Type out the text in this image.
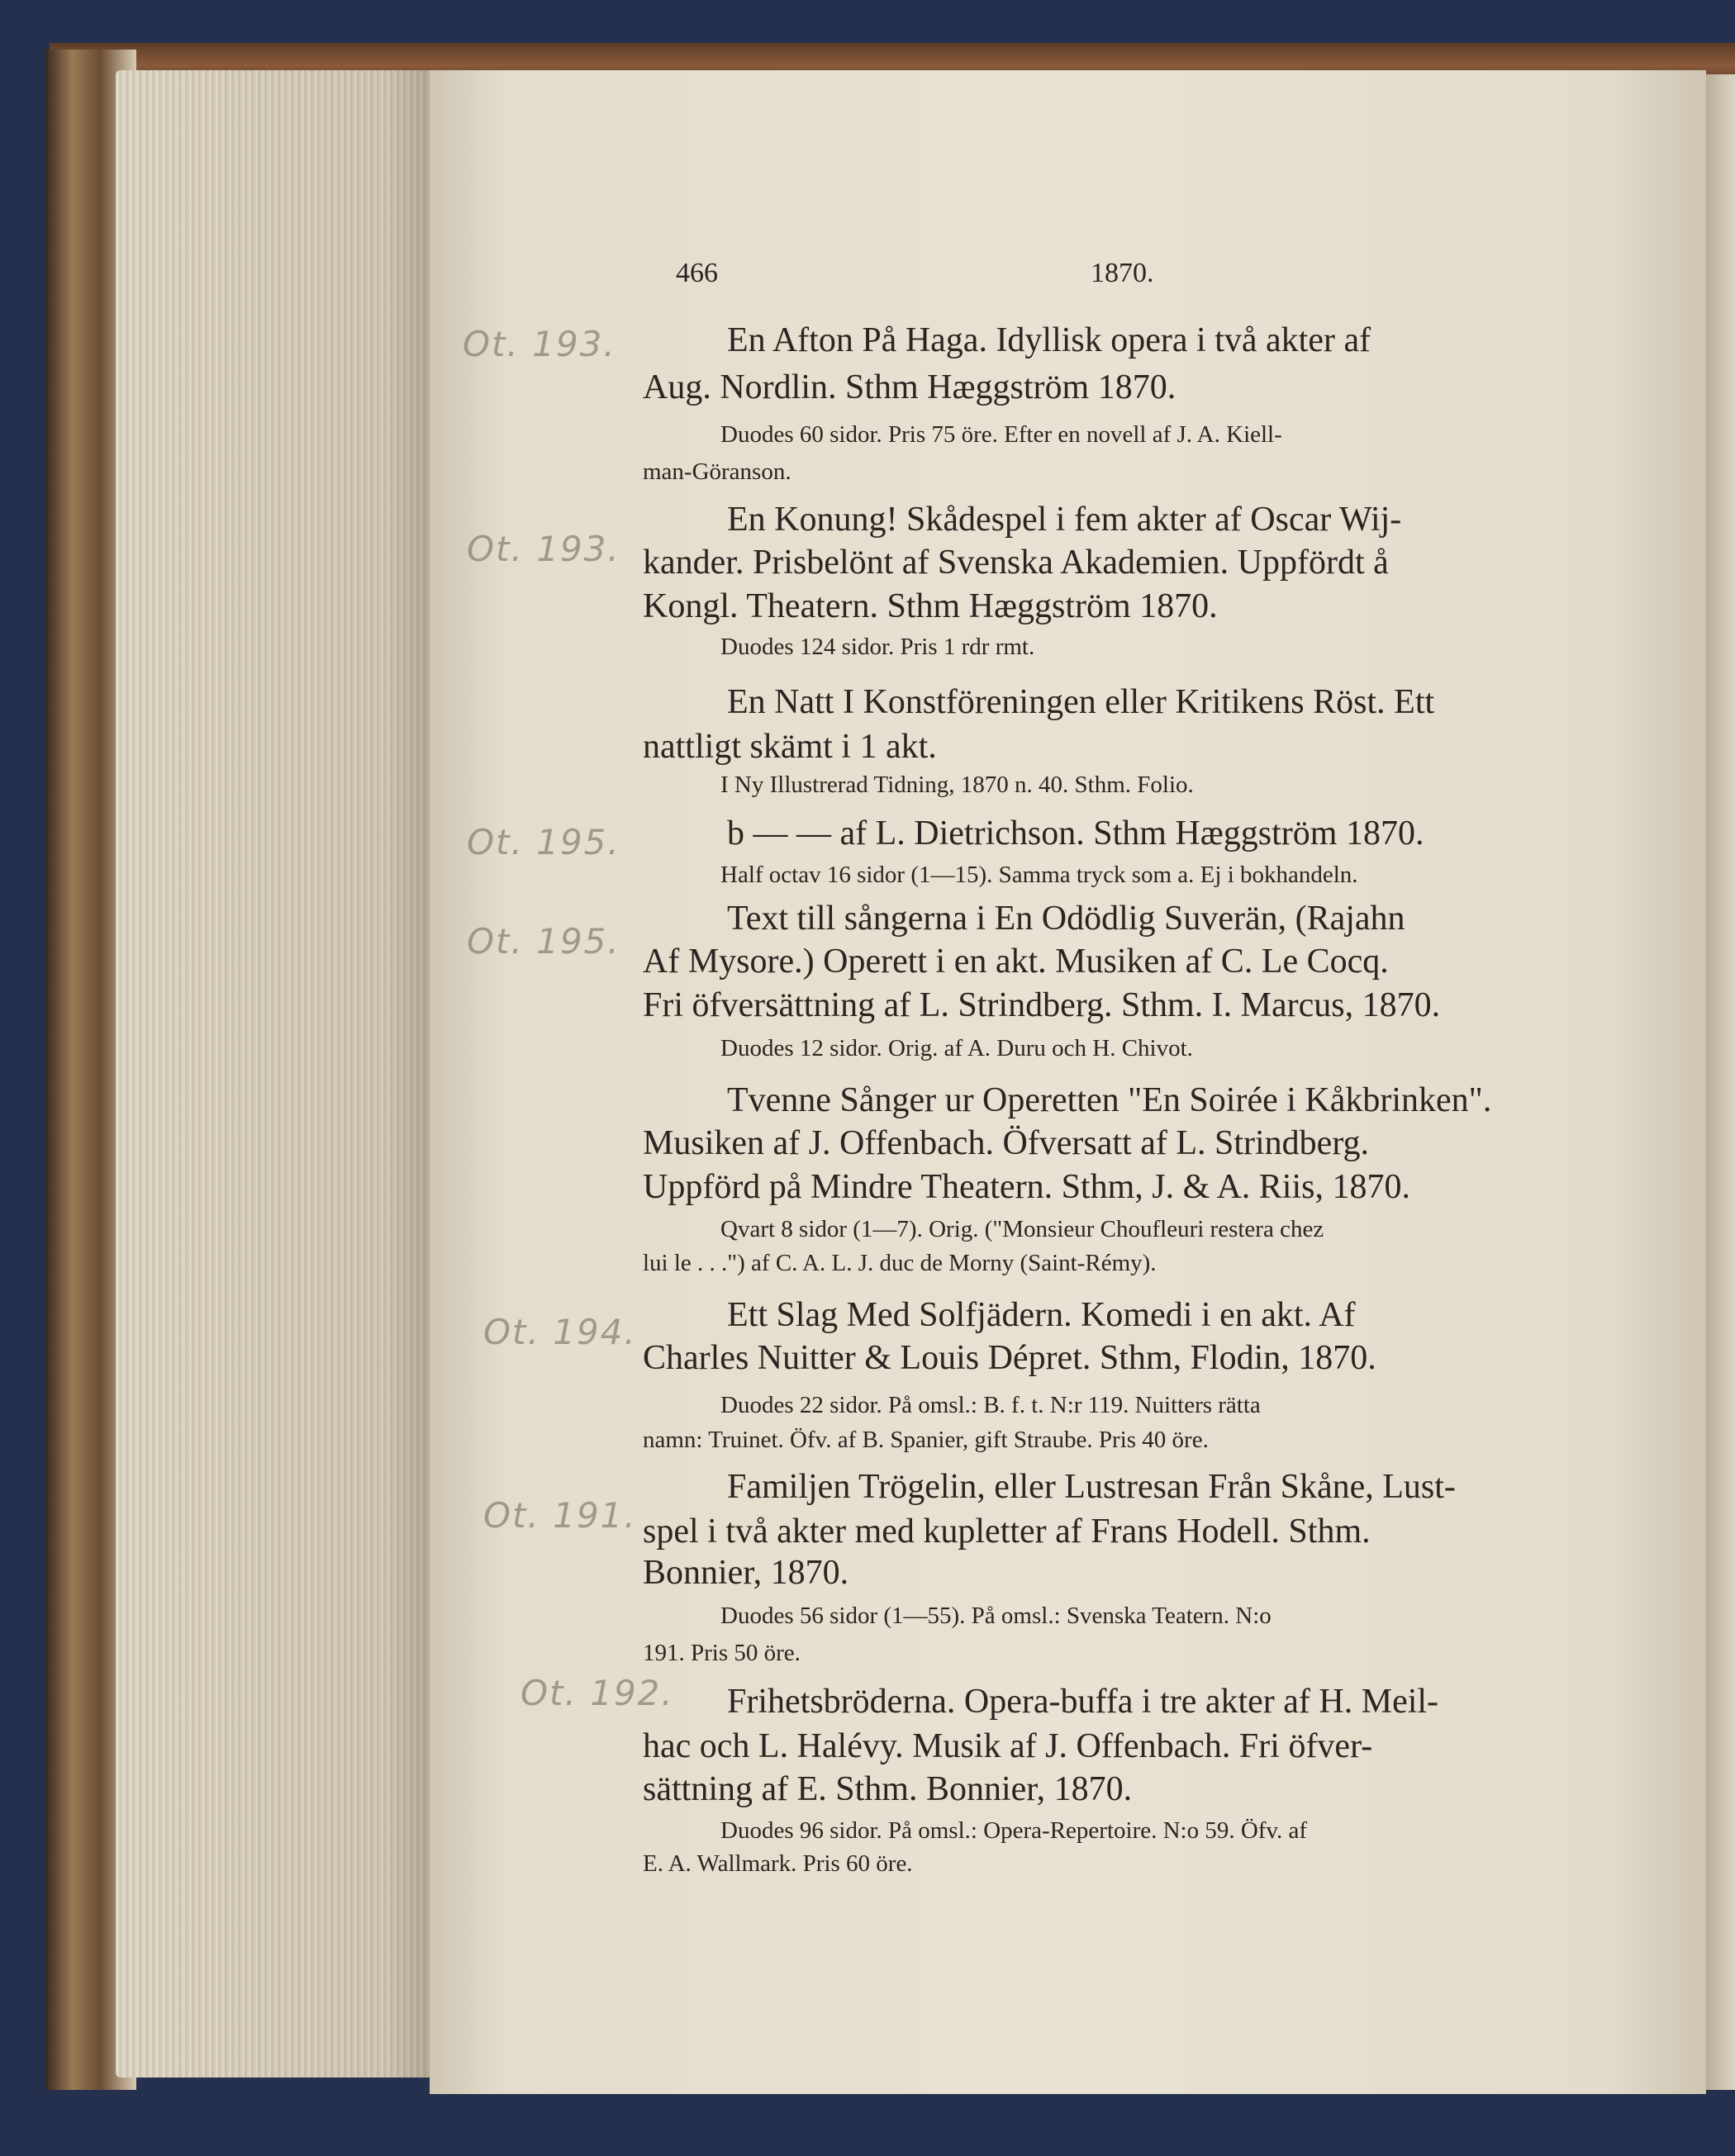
466	1870.
Ot. 193.
Ot. 193.
Ot. 195.
Ot. 195.
Ot. 194.
Ot. 191.
Ot. 192.
En Afton På Haga. Idyllisk opera i två akter af
Aug. Nordlin. Sthm Hæggström 1870.
Duodes 60 sidor. Pris 75 öre. Efter en novell af J. A. Kiell-
man-Göranson.
En Konung! Skådespel i fem akter af Oscar Wij-
kander. Prisbelönt af Svenska Akademien. Uppfördt å
Kongl. Theatern. Sthm Hæggström 1870.
Duodes 124 sidor. Pris 1 rdr rmt.
En Natt I Konstföreningen eller Kritikens Röst. Ett
nattligt skämt i 1 akt.
I Ny Illustrerad Tidning, 1870 n. 40. Sthm. Folio.
b — — af L. Dietrichson. Sthm Hæggström 1870.
Half octav 16 sidor (1—15). Samma tryck som a. Ej i bokhandeln.
Text till sångerna i En Odödlig Suverän, (Rajahn
Af Mysore.) Operett i en akt. Musiken af C. Le Cocq.
Fri öfversättning af L. Strindberg. Sthm. I. Marcus, 1870.
Duodes 12 sidor. Orig. af A. Duru och H. Chivot.
Tvenne Sånger ur Operetten "En Soirée i Kåkbrinken".
Musiken af J. Offenbach. Öfversatt af L. Strindberg.
Uppförd på Mindre Theatern. Sthm, J. & A. Riis, 1870.
Qvart 8 sidor (1—7). Orig. ("Monsieur Choufleuri restera chez
lui le . . .") af C. A. L. J. duc de Morny (Saint-Rémy).
Ett Slag Med Solfjädern. Komedi i en akt. Af
Charles Nuitter & Louis Dépret. Sthm, Flodin, 1870.
Duodes 22 sidor. På omsl.: B. f. t. N:r 119. Nuitters rätta
namn: Truinet. Öfv. af B. Spanier, gift Straube. Pris 40 öre.
Familjen Trögelin, eller Lustresan Från Skåne, Lust-
spel i två akter med kupletter af Frans Hodell. Sthm.
Bonnier, 1870.
Duodes 56 sidor (1—55). På omsl.: Svenska Teatern. N:o
191. Pris 50 öre.
Frihetsbröderna. Opera-buffa i tre akter af H. Meil-
hac och L. Halévy. Musik af J. Offenbach. Fri öfver-
sättning af E. Sthm. Bonnier, 1870.
Duodes 96 sidor. På omsl.: Opera-Repertoire. N:o 59. Öfv. af
E. A. Wallmark. Pris 60 öre.
